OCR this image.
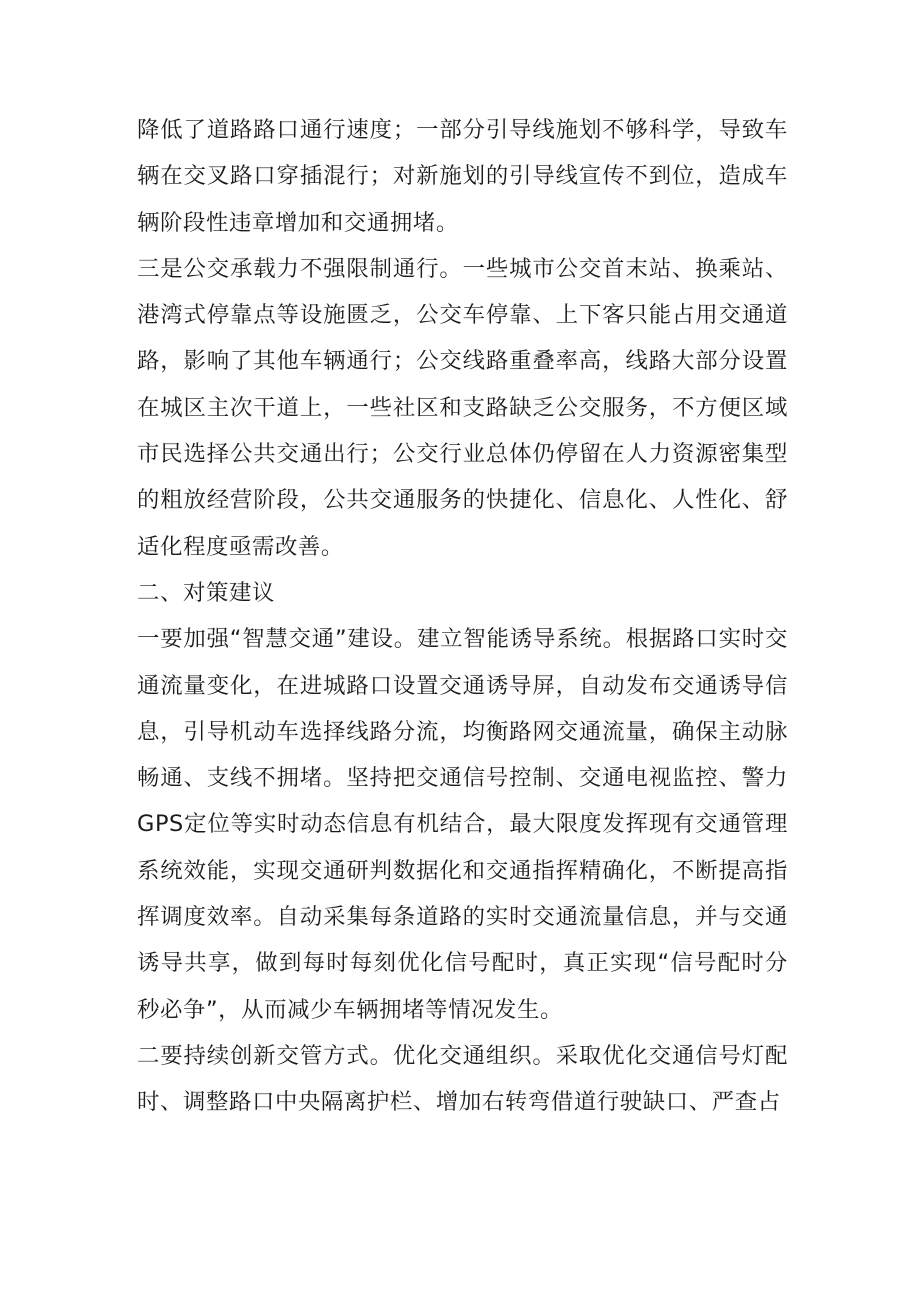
降低了道路路口通行速度；一部分引导线施划不够科学，导致车辆在交叉路口穿插混行；对新施划的引导线宣传不到位，造成车辆阶段性违章增加和交通拥堵。

三是公交承载力不强限制通行。一些城市公交首末站、换乘站、港湾式停靠点等设施匮乏，公交车停靠、上下客只能占用交通道路，影响了其他车辆通行；公交线路重叠率高，线路大部分设置在城区主次干道上，一些社区和支路缺乏公交服务，不方便区域市民选择公共交通出行；公交行业总体仍停留在人力资源密集型的粗放经营阶段，公共交通服务的快捷化、信息化、人性化、舒适化程度亟需改善。

二、对策建议

一要加强“智慧交通”建设。建立智能诱导系统。根据路口实时交通流量变化，在进城路口设置交通诱导屏，自动发布交通诱导信息，引导机动车选择线路分流，均衡路网交通流量，确保主动脉畅通、支线不拥堵。坚持把交通信号控制、交通电视监控、警力GPS定位等实时动态信息有机结合，最大限度发挥现有交通管理系统效能，实现交通研判数据化和交通指挥精确化，不断提高指挥调度效率。自动采集每条道路的实时交通流量信息，并与交通诱导共享，做到每时每刻优化信号配时，真正实现“信号配时分秒必争”，从而减少车辆拥堵等情况发生。

二要持续创新交管方式。优化交通组织。采取优化交通信号灯配时、调整路口中央隔离护栏、增加右转弯借道行驶缺口、严查占
